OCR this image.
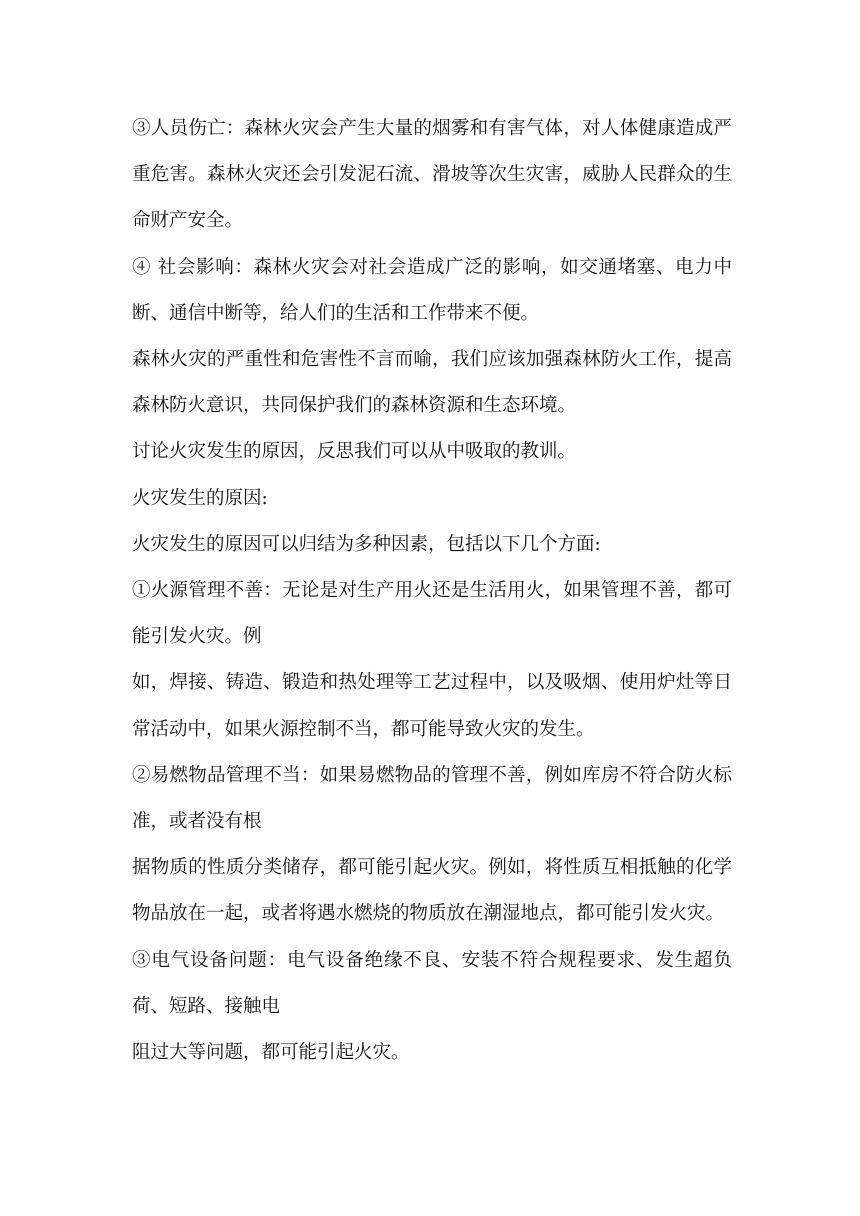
③人员伤亡：森林火灾会产生大量的烟雾和有害气体，对人体健康造成严重危害。森林火灾还会引发泥石流、滑坡等次生灾害，威胁人民群众的生命财产安全。

④ 社会影响：森林火灾会对社会造成广泛的影响，如交通堵塞、电力中断、通信中断等，给人们的生活和工作带来不便。

森林火灾的严重性和危害性不言而喻，我们应该加强森林防火工作，提高森林防火意识，共同保护我们的森林资源和生态环境。

讨论火灾发生的原因，反思我们可以从中吸取的教训。

火灾发生的原因:

火灾发生的原因可以归结为多种因素，包括以下几个方面:

①火源管理不善：无论是对生产用火还是生活用火，如果管理不善，都可能引发火灾。例

如，焊接、铸造、锻造和热处理等工艺过程中，以及吸烟、使用炉灶等日常活动中，如果火源控制不当，都可能导致火灾的发生。

②易燃物品管理不当：如果易燃物品的管理不善，例如库房不符合防火标准，或者没有根

据物质的性质分类储存，都可能引起火灾。例如，将性质互相抵触的化学物品放在一起，或者将遇水燃烧的物质放在潮湿地点，都可能引发火灾。

③电气设备问题：电气设备绝缘不良、安装不符合规程要求、发生超负荷、短路、接触电

阻过大等问题，都可能引起火灾。
